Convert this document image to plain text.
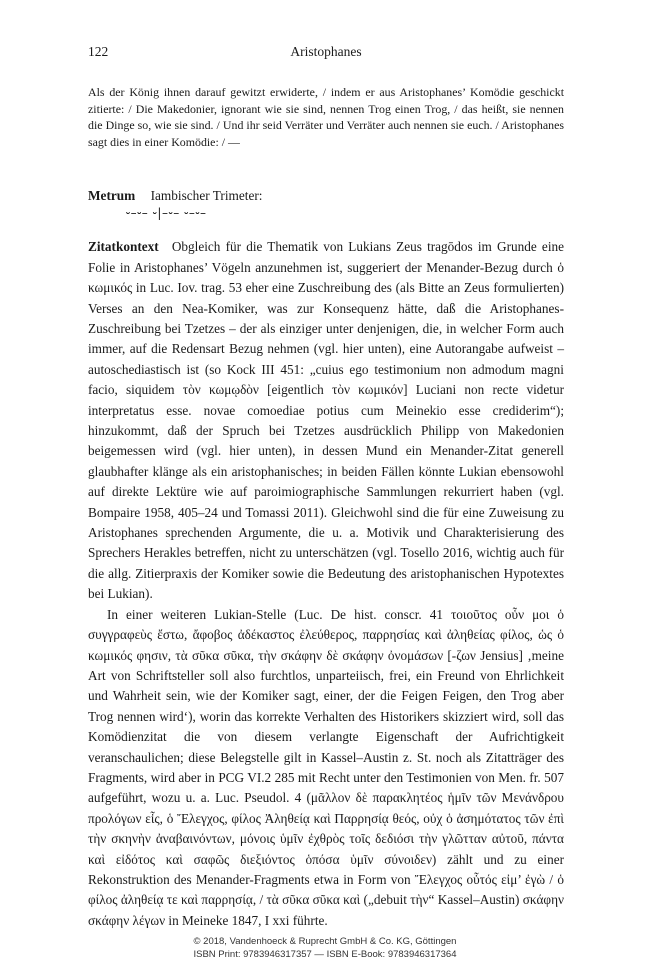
122	Aristophanes

Als der König ihnen darauf gewitzt erwiderte, / indem er aus Aristophanes’ Komödie geschickt zitierte: / Die Makedonier, ignorant wie sie sind, nennen Trog einen Trog, / das heißt, sie nennen die Dinge so, wie sie sind. / Und ihr seid Verräter und Verräter auch nennen sie euch. / Aristophanes sagt dies in einer Komödie: / —

Metrum Iambischer Trimeter:
⏑–⏑– ⏑|–⏑– ⏑–⏑–
Zitatkontext Obgleich für die Thematik von Lukians Zeus tragōdos im Grunde eine Folie in Aristophanes’ Vögeln anzunehmen ist, suggeriert der Menander-Bezug durch ὁ κωμικός in Luc. Iov. trag. 53 eher eine Zuschreibung des (als Bitte an Zeus formulierten) Verses an den Nea-Komiker, was zur Konsequenz hätte, daß die Aristophanes-Zuschreibung bei Tzetzes – der als einziger unter denjenigen, die, in welcher Form auch immer, auf die Redensart Bezug nehmen (vgl. hier unten), eine Autorangabe aufweist – autoschediastisch ist (so Kock III 451: „cuius ego testimonium non admodum magni facio, siquidem τὸν κωμῳδὸν [eigentlich τὸν κωμικόν] Luciani non recte videtur interpretatus esse. novae comoediae potius cum Meinekio esse crediderim“); hinzukommt, daß der Spruch bei Tzetzes ausdrücklich Philipp von Makedonien beigemessen wird (vgl. hier unten), in dessen Mund ein Menander-Zitat generell glaubhafter klänge als ein aristophanisches; in beiden Fällen könnte Lukian ebensowohl auf direkte Lektüre wie auf paroimiographische Sammlungen rekurriert haben (vgl. Bompaire 1958, 405–24 und Tomassi 2011). Gleichwohl sind die für eine Zuweisung zu Aristophanes sprechenden Argumente, die u. a. Motivik und Charakterisierung des Sprechers Herakles betreffen, nicht zu unterschätzen (vgl. Tosello 2016, wichtig auch für die allg. Zitierpraxis der Komiker sowie die Bedeutung des aristophanischen Hypotextes bei Lukian).
In einer weiteren Lukian-Stelle (Luc. De hist. conscr. 41 τοιοῦτος οὖν μοι ὁ συγγραφεὺς ἔστω, ἄφοβος ἀδέκαστος ἐλεύθερος, παρρησίας καὶ ἀληθείας φίλος, ὡς ὁ κωμικός φησιν, τὰ σῦκα σῦκα, τὴν σκάφην δὲ σκάφην ὀνομάσων [-ζων Jensius] ‚meine Art von Schriftsteller soll also furchtlos, unparteiisch, frei, ein Freund von Ehrlichkeit und Wahrheit sein, wie der Komiker sagt, einer, der die Feigen Feigen, den Trog aber Trog nennen wird‘), worin das korrekte Verhalten des Historikers skizziert wird, soll das Komödienzitat die von diesem verlangte Eigenschaft der Aufrichtigkeit veranschaulichen; diese Belegstelle gilt in Kassel–Austin z. St. noch als Zitatträger des Fragments, wird aber in PCG VI.2 285 mit Recht unter den Testimonien von Men. fr. 507 aufgeführt, wozu u. a. Luc. Pseudol. 4 (μᾶλλον δὲ παρακλητέος ἡμῖν τῶν Μενάνδρου προλόγων εἷς, ὁ Ἔλεγχος, φίλος Ἀληθείᾳ καὶ Παρρησίᾳ θεός, οὐχ ὁ ἀσημότατος τῶν ἐπὶ τὴν σκηνὴν ἀναβαινόντων, μόνοις ὑμῖν ἐχθρὸς τοῖς δεδιόσι τὴν γλῶτταν αὐτοῦ, πάντα καὶ εἰδότος καὶ σαφῶς διεξιόντος ὁπόσα ὑμῖν σύνοιδεν) zählt und zu einer Rekonstruktion des Menander-Fragments etwa in Form von Ἔλεγχος οὗτός εἰμ’ ἐγὼ / ὁ φίλος ἀληθείᾳ τε καὶ παρρησίᾳ, / τὰ σῦκα σῦκα καὶ („debuit τὴν“ Kassel–Austin) σκάφην σκάφην λέγων in Meineke 1847, I xxi führte.
© 2018, Vandenhoeck & Ruprecht GmbH & Co. KG, Göttingen
ISBN Print: 9783946317357 — ISBN E-Book: 9783946317364
